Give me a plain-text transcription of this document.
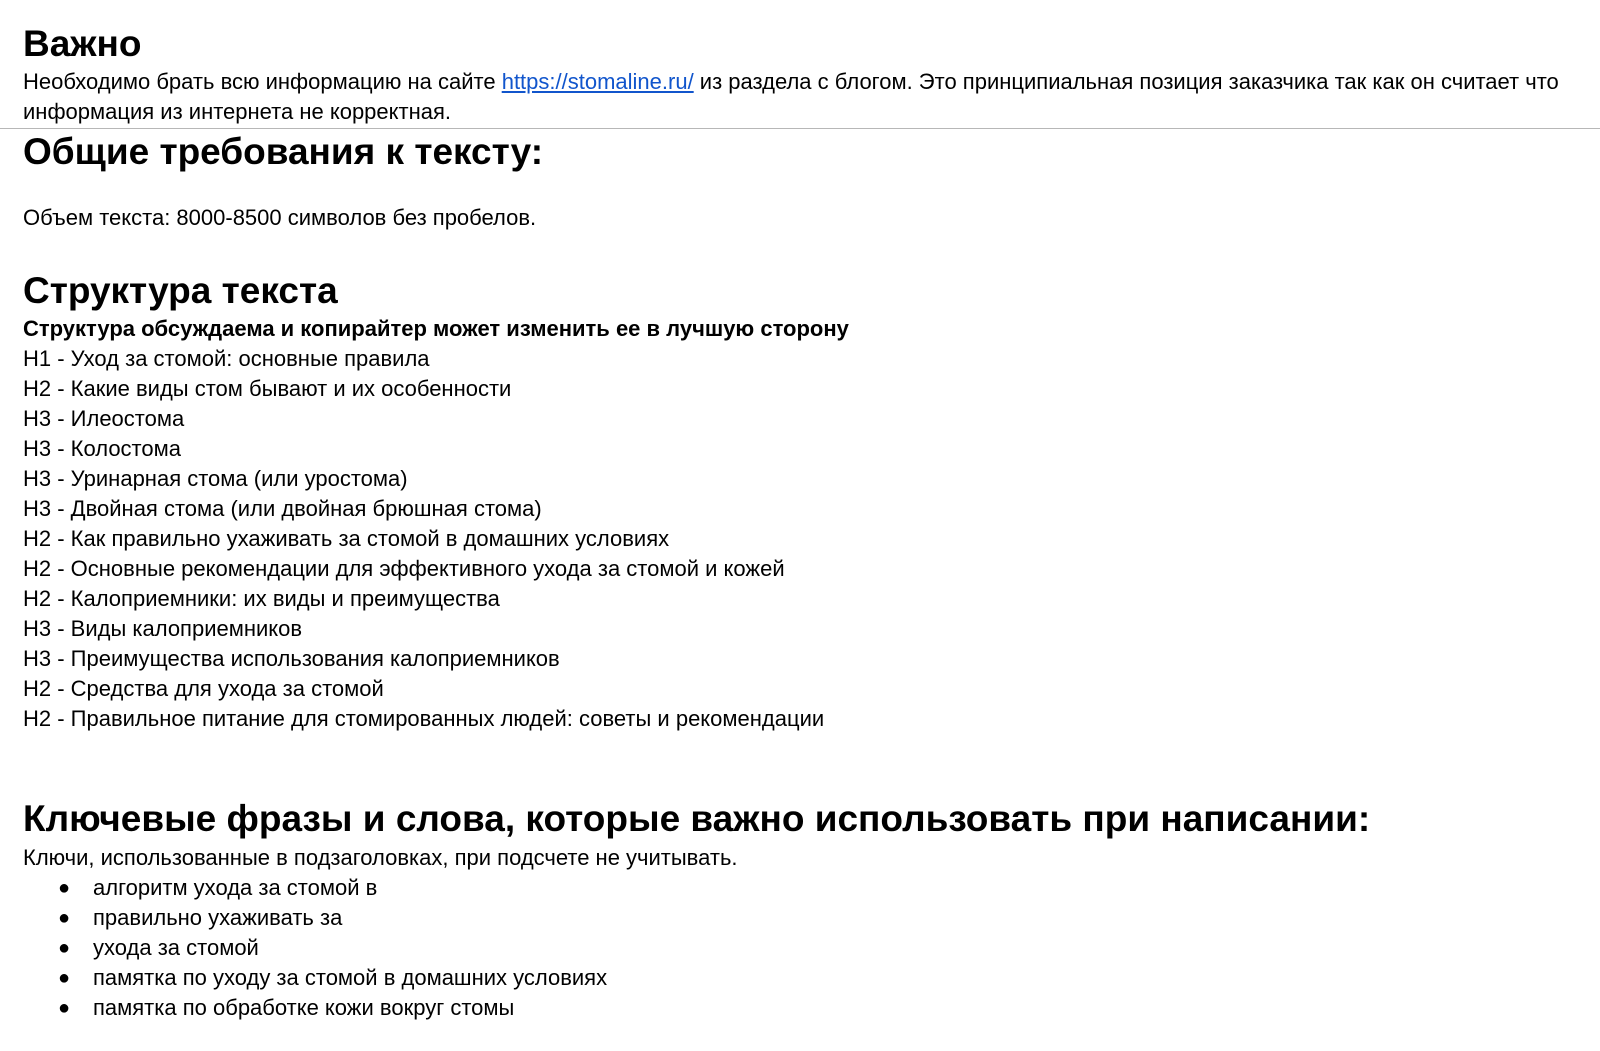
Важно

Необходимо брать всю информацию на сайте https://stomaline.ru/ из раздела с блогом. Это принципиальная позиция заказчика так как он считает что информация из интернета не корректная.

Общие требования к тексту:

Объем текста: 8000-8500 символов без пробелов.

Структура текста

Структура обсуждаема и копирайтер может изменить ее в лучшую сторону

H1 - Уход за стомой: основные правила

H2 - Какие виды стом бывают и их особенности

H3 - Илеостома

H3 - Колостома

H3 - Уринарная стома (или уростома)

H3 - Двойная стома (или двойная брюшная стома)

H2 - Как правильно ухаживать за стомой в домашних условиях

H2 - Основные рекомендации для эффективного ухода за стомой и кожей

H2 - Калоприемники: их виды и преимущества

H3 - Виды калоприемников

H3 - Преимущества использования калоприемников

H2 - Средства для ухода за стомой

H2 - Правильное питание для стомированных людей: советы и рекомендации

Ключевые фразы и слова, которые важно использовать при написании:

Ключи, использованные в подзаголовках, при подсчете не учитывать.

● алгоритм ухода за стомой в
● правильно ухаживать за
● ухода за стомой
● памятка по уходу за стомой в домашних условиях
● памятка по обработке кожи вокруг стомы
